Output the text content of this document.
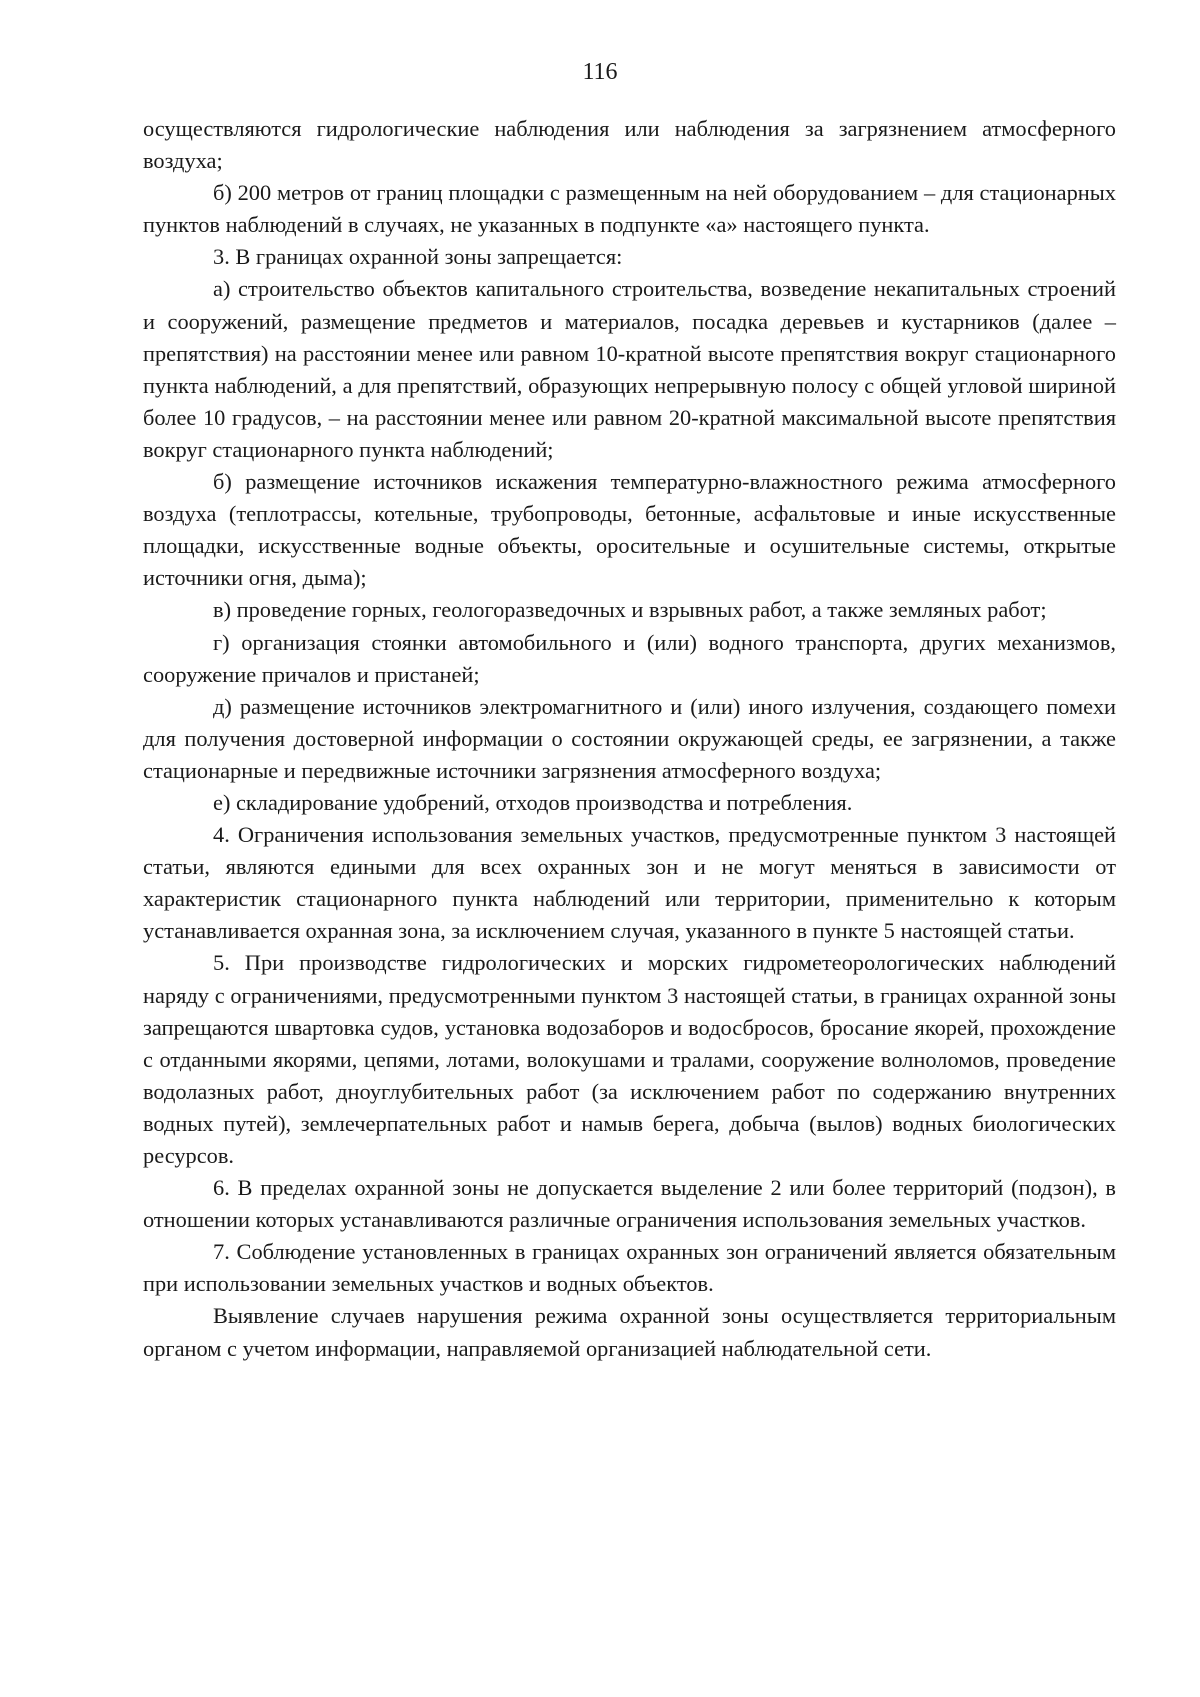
116

осуществляются гидрологические наблюдения или наблюдения за загрязнением атмосферного воздуха;

б) 200 метров от границ площадки с размещенным на ней оборудованием – для стационарных пунктов наблюдений в случаях, не указанных в подпункте «а» настоящего пункта.

3. В границах охранной зоны запрещается:

а) строительство объектов капитального строительства, возведение некапитальных строений и сооружений, размещение предметов и материалов, посадка деревьев и кустарников (далее – препятствия) на расстоянии менее или равном 10-кратной высоте препятствия вокруг стационарного пункта наблюдений, а для препятствий, образующих непрерывную полосу с общей угловой шириной более 10 градусов, – на расстоянии менее или равном 20-кратной максимальной высоте препятствия вокруг стационарного пункта наблюдений;

б) размещение источников искажения температурно-влажностного режима атмосферного воздуха (теплотрассы, котельные, трубопроводы, бетонные, асфальтовые и иные искусственные площадки, искусственные водные объекты, оросительные и осушительные системы, открытые источники огня, дыма);

в) проведение горных, геологоразведочных и взрывных работ, а также земляных работ;

г) организация стоянки автомобильного и (или) водного транспорта, других механизмов, сооружение причалов и пристаней;

д) размещение источников электромагнитного и (или) иного излучения, создающего помехи для получения достоверной информации о состоянии окружающей среды, ее загрязнении, а также стационарные и передвижные источники загрязнения атмосферного воздуха;

е) складирование удобрений, отходов производства и потребления.

4. Ограничения использования земельных участков, предусмотренные пунктом 3 настоящей статьи, являются едиными для всех охранных зон и не могут меняться в зависимости от характеристик стационарного пункта наблюдений или территории, применительно к которым устанавливается охранная зона, за исключением случая, указанного в пункте 5 настоящей статьи.

5. При производстве гидрологических и морских гидрометеорологических наблюдений наряду с ограничениями, предусмотренными пунктом 3 настоящей статьи, в границах охранной зоны запрещаются швартовка судов, установка водозаборов и водосбросов, бросание якорей, прохождение с отданными якорями, цепями, лотами, волокушами и тралами, сооружение волноломов, проведение водолазных работ, дноуглубительных работ (за исключением работ по содержанию внутренних водных путей), землечерпательных работ и намыв берега, добыча (вылов) водных биологических ресурсов.

6. В пределах охранной зоны не допускается выделение 2 или более территорий (подзон), в отношении которых устанавливаются различные ограничения использования земельных участков.

7. Соблюдение установленных в границах охранных зон ограничений является обязательным при использовании земельных участков и водных объектов.

Выявление случаев нарушения режима охранной зоны осуществляется территориальным органом с учетом информации, направляемой организацией наблюдательной сети.
